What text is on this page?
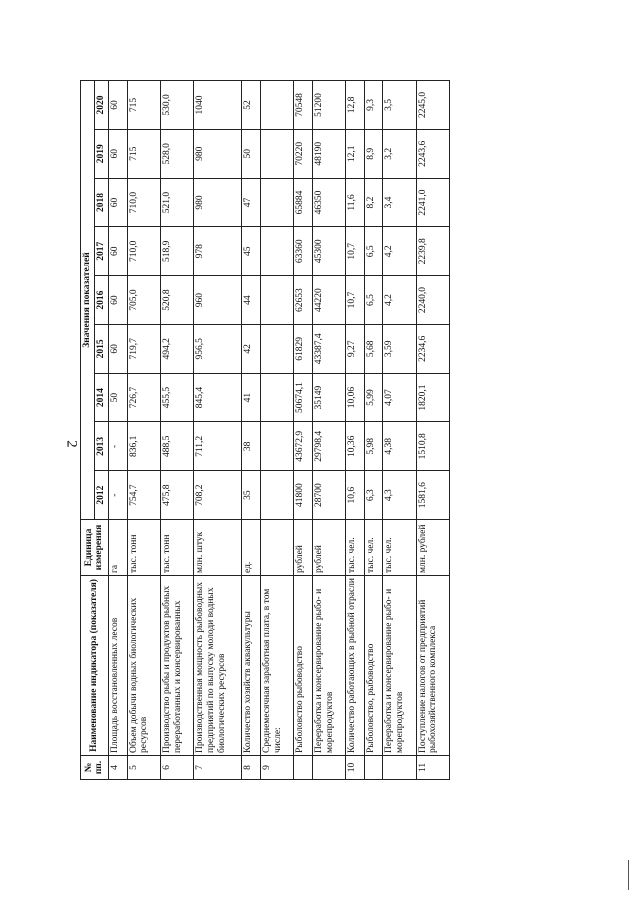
2
№ пп.	Наименование индикатора (показателя)	Единица измерения	Значения показателей								
			2012	2013	2014	2015	2016	2017	2018	2019	2020
4	Площадь восстановленных лесов	га	-	-	50	60	60	60	60	60	60
5	Объем добычи водных биологических ресурсов	тыс. тонн	754,7	836,1	726,7	719,7	705,0	710,0	710,0	715	715
6	Производство рыбы и продуктов рыбных переработанных и консервированных	тыс. тонн	475,8	488,5	455,5	494,2	520,8	518,9	521,0	528,0	530,0
7	Производственная мощность рыбоводных предприятий по выпуску молоди водных биологических ресурсов	млн. штук	708,2	711,2	845,4	956,5	960	978	980	980	1040
8	Количество хозяйств аквакультуры	ед.	35	38	41	42	44	45	47	50	52
9	Среднемесячная заработная плата, в том числе:										
	Рыболовство рыбоводство	рублей	41800	43672,9	50674,1	61829	62653	63360	65884	70220	70548
	Переработка и консервирование рыбо- и морепродуктов	рублей	28700	29798,4	35149	43387,4	44220	45300	46350	48190	51200
10	Количество работающих в рыбной отрасли	тыс. чел.	10,6	10,36	10,06	9,27	10,7	10,7	11,6	12,1	12,8
	Рыболовство, рыбоводство	тыс. чел.	6,3	5,98	5,99	5,68	6,5	6,5	8,2	8,9	9,3
	Переработка и консервирование рыбо- и морепродуктов	тыс. чел.	4,3	4,38	4,07	3,59	4,2	4,2	3,4	3,2	3,5
11	Поступление налогов от предприятий рыбохозяйственного комплекса	млн. рублей	1581,6	1510,8	1820,1	2234,6	2240,0	2239,8	2241,0	2243,6	2245,0
